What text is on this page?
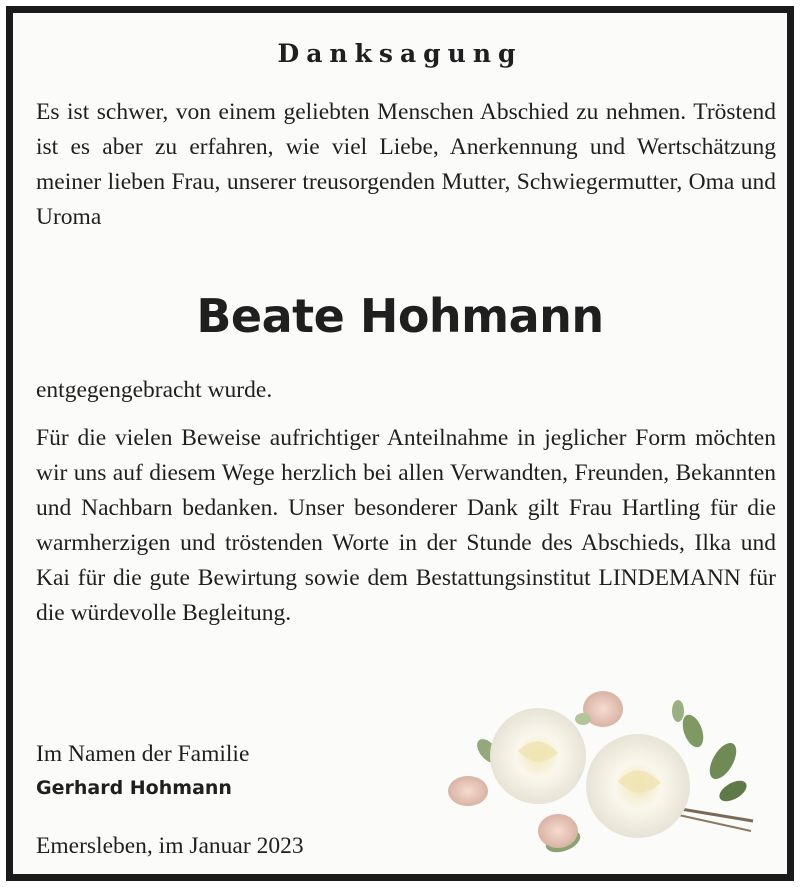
Danksagung
Es ist schwer, von einem geliebten Menschen Abschied zu nehmen. Tröstend ist es aber zu erfahren, wie viel Liebe, Anerkennung und Wertschätzung meiner lieben Frau, unserer treusorgenden Mutter, Schwiegermutter, Oma und Uroma
Beate Hohmann
entgegengebracht wurde.
Für die vielen Beweise aufrichtiger Anteilnahme in jeglicher Form möchten wir uns auf diesem Wege herzlich bei allen Verwandten, Freunden, Bekannten und Nachbarn bedanken. Unser besonderer Dank gilt Frau Hartling für die warmherzigen und tröstenden Worte in der Stunde des Abschieds, Ilka und Kai für die gute Bewirtung sowie dem Bestattungsinstitut LINDEMANN für die würdevolle Begleitung.
Im Namen der Familie
Gerhard Hohmann
Emersleben, im Januar 2023
